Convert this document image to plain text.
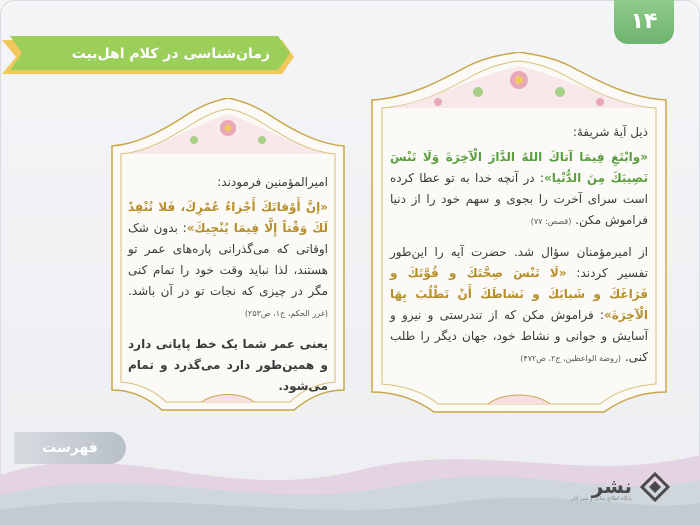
۱۴
زمان‌شناسی در کلام اهل‌بیت
ذیل آیهٔ شریفهٔ:
«وابْتَغِ فِيمَا آتاكَ اللهُ الدَّارَ الْآخِرَةَ وَلَا تَنْسَ نَصِيبَكَ مِنَ الدُّنْيا»: در آنچه خدا به تو عطا کرده است سرای آخرت را بجوی و سهم خود را از دنیا فراموش مکن. (قصص: ۷۷)
از امیرمؤمنان سؤال شد. حضرت آیه را این‌طور تفسیر کردند: «لَا تَنْسَ صِحَّتَكَ و قُوَّتَكَ و فَرَاغَكَ و شَبابَكَ و نَشاطَكَ أَنْ تَطْلُبَ بِهَا الْآخِرَةَ»: فراموش مکن که از تندرستی و نیرو و آسایش و جوانی و نشاط خود، جهان دیگر را طلب کنی. (روضة الواعظین، ج۲، ص۴۷۲)
امیرالمؤمنین فرمودند:
«إنَّ أَوْقاتَكَ أَجْزاءُ عُمْرِكَ، فَلا تُنْفِدْ لَكَ وَقْتاً إِلَّا فِيمَا يُنْجِيكَ»: بدون شک اوقاتی که می‌گذرانی پاره‌های عمر تو هستند، لذا نباید وقت خود را تمام کنی مگر در چیزی که نجات تو در آن باشد. (غرر الحکم، ج۱، ص۲۵۳)
یعنی عمر شما یک خط پایانی دارد و همین‌طور دارد می‌گذرد و تمام می‌شود.
فهرست
نشر
پایگاه اطلاع‌رسانی و نشر آثار
